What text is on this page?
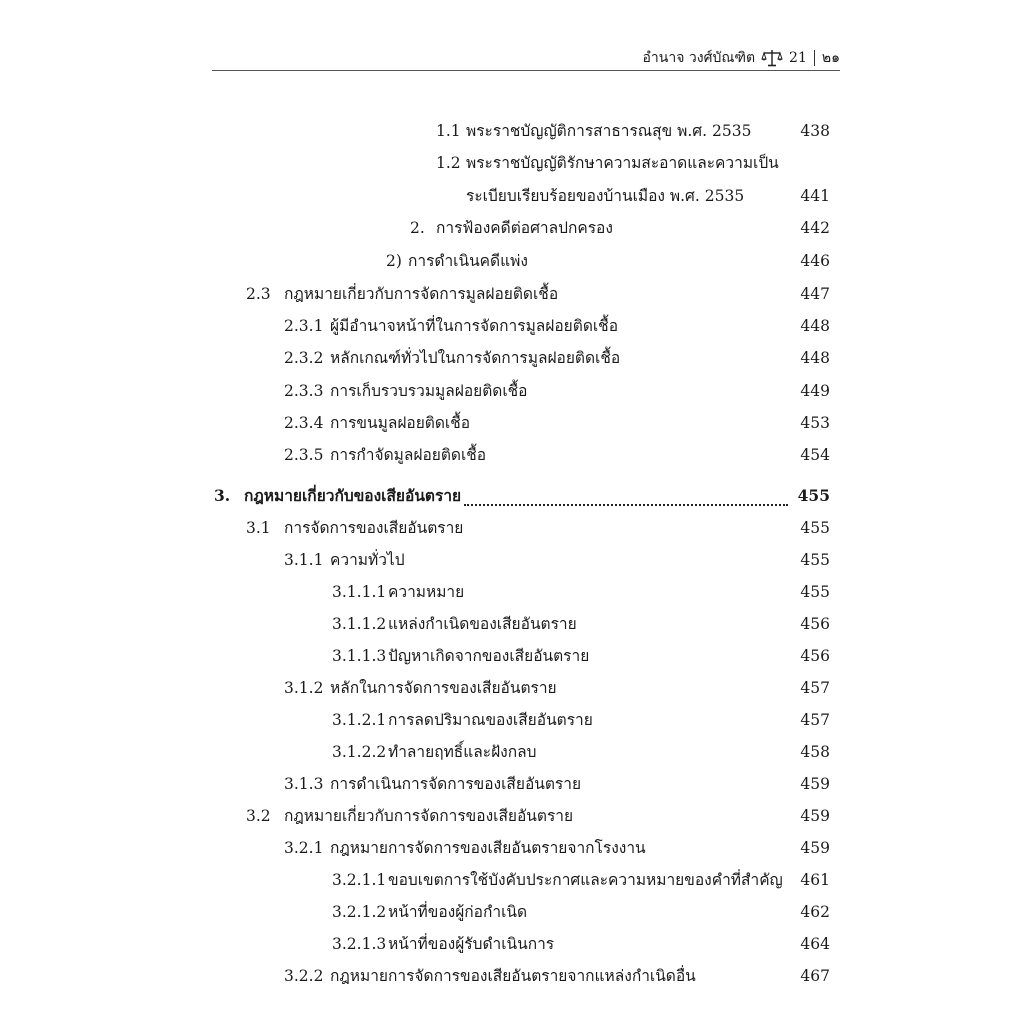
อำนาจ วงศ์บัณฑิต 21 ๒๑
1.1 พระราชบัญญัติการสาธารณสุข พ.ศ. 2535	438
1.2 พระราชบัญญัติรักษาความสะอาดและความเป็น
ระเบียบเรียบร้อยของบ้านเมือง พ.ศ. 2535	441
2. การฟ้องคดีต่อศาลปกครอง	442
2) การดำเนินคดีแพ่ง	446
2.3 กฎหมายเกี่ยวกับการจัดการมูลฝอยติดเชื้อ	447
2.3.1 ผู้มีอำนาจหน้าที่ในการจัดการมูลฝอยติดเชื้อ	448
2.3.2 หลักเกณฑ์ทั่วไปในการจัดการมูลฝอยติดเชื้อ	448
2.3.3 การเก็บรวบรวมมูลฝอยติดเชื้อ	449
2.3.4 การขนมูลฝอยติดเชื้อ	453
2.3.5 การกำจัดมูลฝอยติดเชื้อ	454
3. กฎหมายเกี่ยวกับของเสียอันตราย	455
3.1 การจัดการของเสียอันตราย	455
3.1.1 ความทั่วไป	455
3.1.1.1 ความหมาย	455
3.1.1.2 แหล่งกำเนิดของเสียอันตราย	456
3.1.1.3 ปัญหาเกิดจากของเสียอันตราย	456
3.1.2 หลักในการจัดการของเสียอันตราย	457
3.1.2.1 การลดปริมาณของเสียอันตราย	457
3.1.2.2 ทำลายฤทธิ์และฝังกลบ	458
3.1.3 การดำเนินการจัดการของเสียอันตราย	459
3.2 กฎหมายเกี่ยวกับการจัดการของเสียอันตราย	459
3.2.1 กฎหมายการจัดการของเสียอันตรายจากโรงงาน	459
3.2.1.1 ขอบเขตการใช้บังคับประกาศและความหมายของคำที่สำคัญ	461
3.2.1.2 หน้าที่ของผู้ก่อกำเนิด	462
3.2.1.3 หน้าที่ของผู้รับดำเนินการ	464
3.2.2 กฎหมายการจัดการของเสียอันตรายจากแหล่งกำเนิดอื่น	467
